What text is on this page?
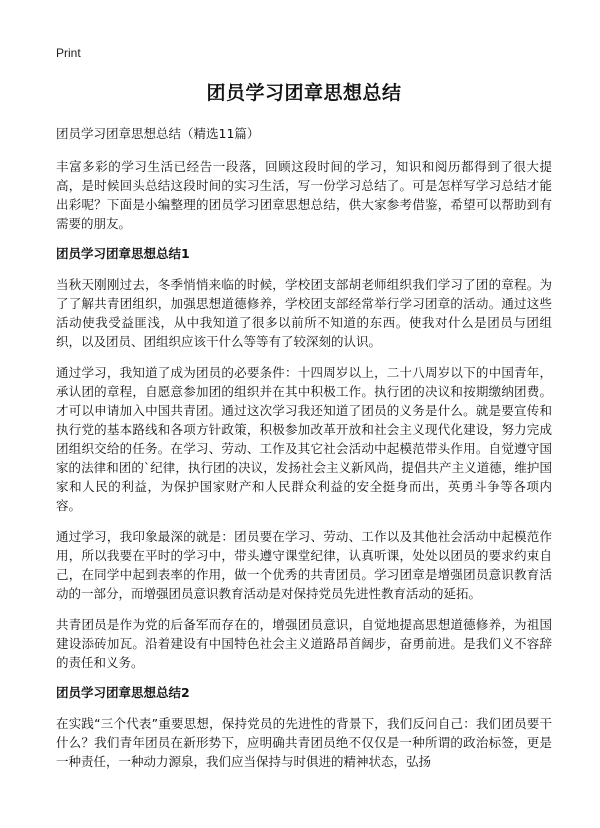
Print
团员学习团章思想总结

团员学习团章思想总结（精选11篇）

丰富多彩的学习生活已经告一段落，回顾这段时间的学习，知识和阅历都得到了很大提高，是时候回头总结这段时间的实习生活，写一份学习总结了。可是怎样写学习总结才能出彩呢？下面是小编整理的团员学习团章思想总结，供大家参考借鉴，希望可以帮助到有需要的朋友。

团员学习团章思想总结1

当秋天刚刚过去，冬季悄悄来临的时候，学校团支部胡老师组织我们学习了团的章程。为了了解共青团组织，加强思想道德修养，学校团支部经常举行学习团章的活动。通过这些活动使我受益匪浅，从中我知道了很多以前所不知道的东西。使我对什么是团员与团组织，以及团员、团组织应该干什么等等有了较深刻的认识。

通过学习，我知道了成为团员的必要条件：十四周岁以上，二十八周岁以下的中国青年，承认团的章程，自愿意参加团的组织并在其中积极工作。执行团的决议和按期缴纳团费。才可以申请加入中国共青团。通过这次学习我还知道了团员的义务是什么。就是要宣传和执行党的基本路线和各项方针政策，积极参加改革开放和社会主义现代化建设，努力完成团组织交给的任务。在学习、劳动、工作及其它社会活动中起模范带头作用。自觉遵守国家的法律和团的`纪律，执行团的决议，发扬社会主义新风尚，提倡共产主义道德，维护国家和人民的利益，为保护国家财产和人民群众利益的安全挺身而出，英勇斗争等各项内容。

通过学习，我印象最深的就是：团员要在学习、劳动、工作以及其他社会活动中起模范作用，所以我要在平时的学习中，带头遵守课堂纪律，认真听课，处处以团员的要求约束自己，在同学中起到表率的作用，做一个优秀的共青团员。学习团章是增强团员意识教育活动的一部分，而增强团员意识教育活动是对保持党员先进性教育活动的延拓。

共青团员是作为党的后备军而存在的，增强团员意识，自觉地提高思想道德修养，为祖国建设添砖加瓦。沿着建设有中国特色社会主义道路昂首阔步，奋勇前进。是我们义不容辞的责任和义务。

团员学习团章思想总结2

在实践“三个代表”重要思想，保持党员的先进性的背景下，我们反问自己：我们团员要干什么？我们青年团员在新形势下，应明确共青团员绝不仅仅是一种所谓的政治标签，更是一种责任，一种动力源泉，我们应当保持与时俱进的精神状态，弘扬
